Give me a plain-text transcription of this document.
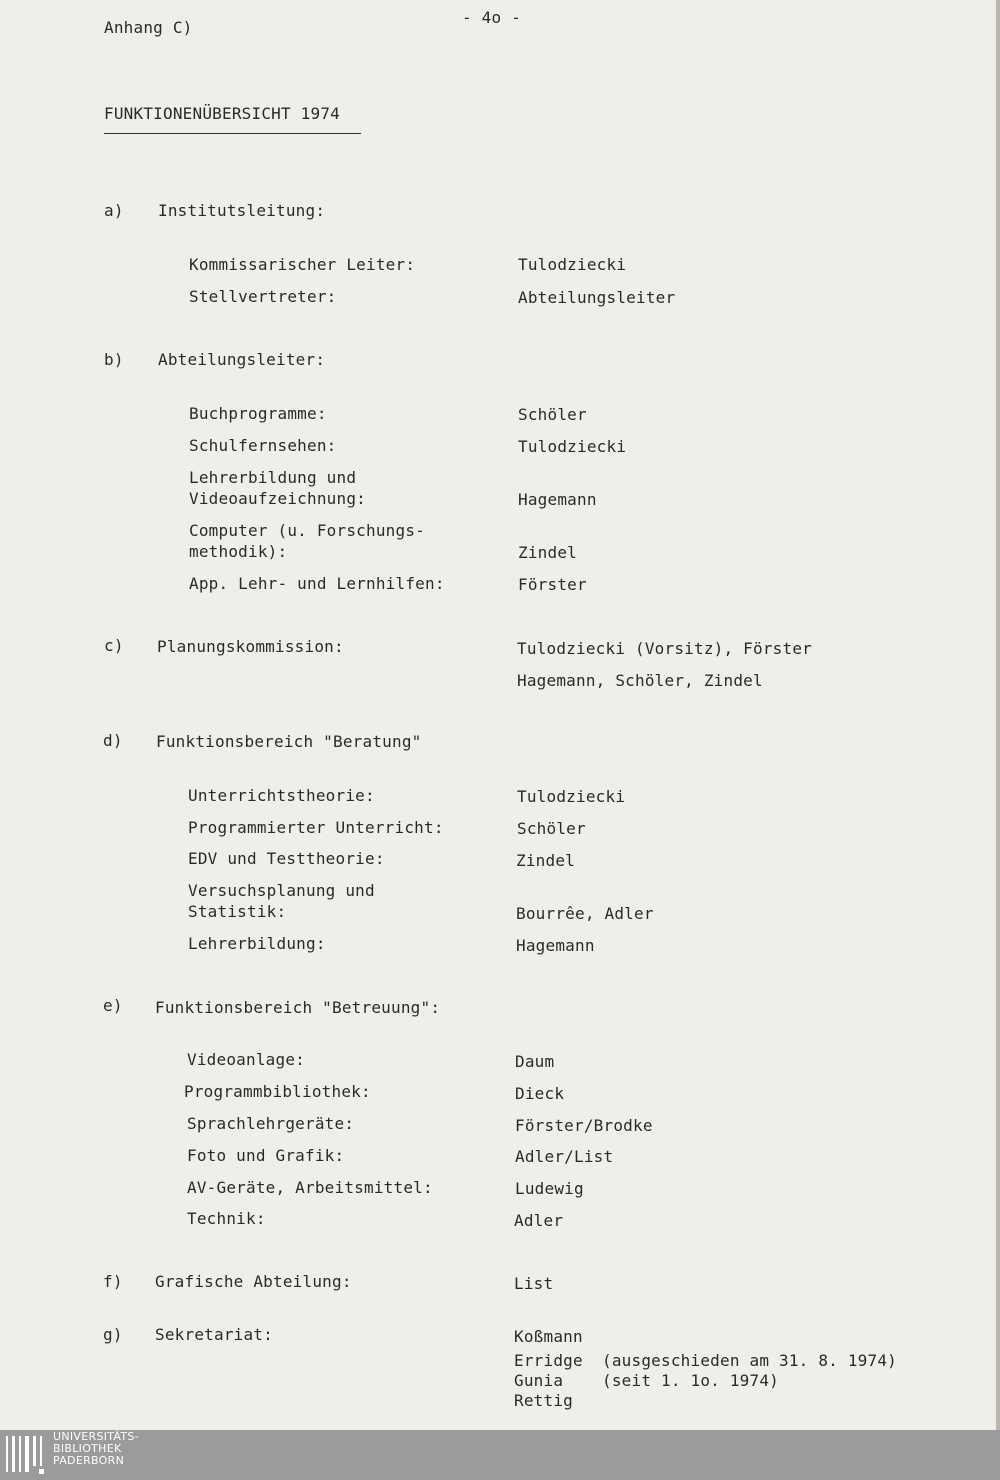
Anhang C)
- 4o -
FUNKTIONENÜBERSICHT 1974
a) Institutsleitung:
Kommissarischer Leiter:	Tulodziecki
Stellvertreter:	Abteilungsleiter
b) Abteilungsleiter:
Buchprogramme:	Schöler
Schulfernsehen:	Tulodziecki
Lehrerbildung und
Videoaufzeichnung:	Hagemann
Computer (u. Forschungs-
methodik):	Zindel
App. Lehr- und Lernhilfen:	Förster
c) Planungskommission:	Tulodziecki (Vorsitz), Förster
Hagemann, Schöler, Zindel
d) Funktionsbereich "Beratung"
Unterrichtstheorie:	Tulodziecki
Programmierter Unterricht:	Schöler
EDV und Testtheorie:	Zindel
Versuchsplanung und
Statistik:	Bourrêe, Adler
Lehrerbildung:	Hagemann
e) Funktionsbereich "Betreuung":
Videoanlage:	Daum
Programmbibliothek:	Dieck
Sprachlehrgeräte:	Förster/Brodke
Foto und Grafik:	Adler/List
AV-Geräte, Arbeitsmittel:	Ludewig
Technik:	Adler
f) Grafische Abteilung:	List
g) Sekretariat:	Koßmann
Erridge (ausgeschieden am 31. 8. 1974)
Gunia (seit 1. 1o. 1974)
Rettig
UNIVERSITÄTS-
BIBLIOTHEK
PADERBORN
